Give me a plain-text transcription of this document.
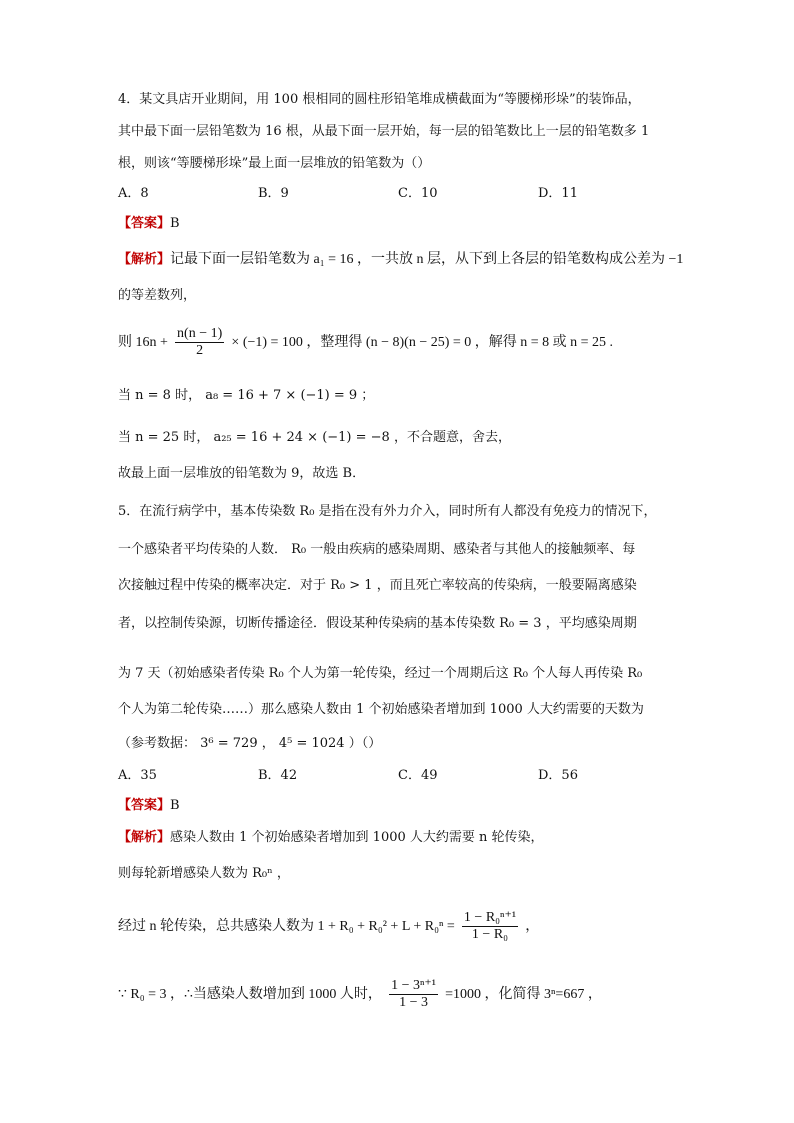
4．某文具店开业期间，用 100 根相同的圆柱形铅笔堆成横截面为“等腰梯形垛”的装饰品，
其中最下面一层铅笔数为 16 根，从最下面一层开始，每一层的铅笔数比上一层的铅笔数多 1
根，则该“等腰梯形垛”最上面一层堆放的铅笔数为（）
A．8	B．9	C．10	D．11
【答案】B
【解析】记最下面一层铅笔数为 a₁ = 16 ，一共放 n 层，从下到上各层的铅笔数构成公差为 −1
的等差数列，
则 $16n + \frac{n(n - 1)}{2} \times (-1) = 100$ ，整理得 (n − 8)(n − 25) = 0 ，解得 n = 8 或 n = 25 .
当 n = 8 时， a₈ = 16 + 7 × (−1) = 9 ；
当 n = 25 时， a₂₅ = 16 + 24 × (−1) = −8 ，不合题意，舍去，
故最上面一层堆放的铅笔数为 9，故选 B．
5．在流行病学中，基本传染数 R₀ 是指在没有外力介入，同时所有人都没有免疫力的情况下，
一个感染者平均传染的人数． R₀ 一般由疾病的感染周期、感染者与其他人的接触频率、每
次接触过程中传染的概率决定．对于 R₀ > 1 ，而且死亡率较高的传染病，一般要隔离感染
者，以控制传染源，切断传播途径．假设某种传染病的基本传染数 R₀ = 3 ，平均感染周期
为 7 天（初始感染者传染 R₀ 个人为第一轮传染，经过一个周期后这 R₀ 个人每人再传染 R₀
个人为第二轮传染……）那么感染人数由 1 个初始感染者增加到 1000 人大约需要的天数为
（参考数据： 3⁶ = 729 ， 4⁵ = 1024 ）（）
A．35	B．42	C．49	D．56
【答案】B
【解析】感染人数由 1 个初始感染者增加到 1000 人大约需要 n 轮传染，
则每轮新增感染人数为 R₀ⁿ ，
经过 n 轮传染，总共感染人数为 $1 + R_0 + R_0^2 + L + R_0^n = \frac{\text{1 − R₀ⁿ⁺¹}}{\text{1 − R₀}}$ ，
∵ R₀ = 3 ，∴当感染人数增加到 1000 人时， $\frac{\text{1 − 3ⁿ⁺¹}}{1 - 3} =1000$ ，化简得 3ⁿ=667 ，
